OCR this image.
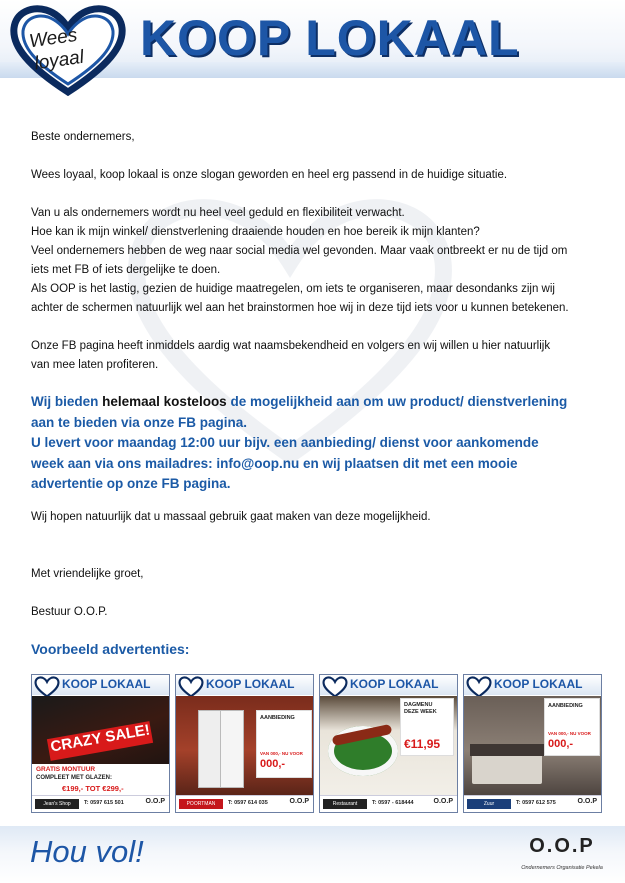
Wees
loyaal KOOP LOKAAL

Beste ondernemers,

Wees loyaal, koop lokaal is onze slogan geworden en heel erg passend in de huidige situatie.

Van u als ondernemers wordt nu heel veel geduld en flexibiliteit verwacht.

Hoe kan ik mijn winkel/ dienstverlening draaiende houden en hoe bereik ik mijn klanten?

Veel ondernemers hebben de weg naar social media wel gevonden. Maar vaak ontbreekt er nu de tijd om

iets met FB of iets dergelijke te doen.

Als OOP is het lastig, gezien de huidige maatregelen, om iets te organiseren, maar desondanks zijn wij

achter de schermen natuurlijk wel aan het brainstormen hoe wij in deze tijd iets voor u kunnen betekenen.

Onze FB pagina heeft inmiddels aardig wat naamsbekendheid en volgers en wij willen u hier natuurlijk

van mee laten profiteren.

Wij bieden helemaal kosteloos de mogelijkheid aan om uw product/ dienstverlening
aan te bieden via onze FB pagina.
U levert voor maandag 12:00 uur bijv. een aanbieding/ dienst voor aankomende
week aan via ons mailadres: info@oop.nu en wij plaatsen dit met een mooie
advertentie op onze FB pagina.

Wij hopen natuurlijk dat u massaal gebruik gaat maken van deze mogelijkheid.

Met vriendelijke groet,

Bestuur O.O.P.

Voorbeeld advertenties:
KOOP LOKAAL
CRAZY SALE!
GRATIS MONTUUR
COMPLEET MET GLAZEN:
€199,- TOT €299,-
Jean's Shop	T: 0597 615 501	O.O.P
KOOP LOKAAL
AANBIEDING
VAN 000,- NU VOOR
000,-
POORTMAN	T: 0597 614 035	O.O.P
KOOP LOKAAL
DAGMENU
DEZE WEEK
€11,95
Restaurant	T: 0597 - 618444	O.O.P
KOOP LOKAAL
AANBIEDING
VAN 000,- NU VOOR
000,-
Zuur	T: 0597 612 575	O.O.P
Hou vol!	O.O.P
Ondernemers Organisatie Pekela
